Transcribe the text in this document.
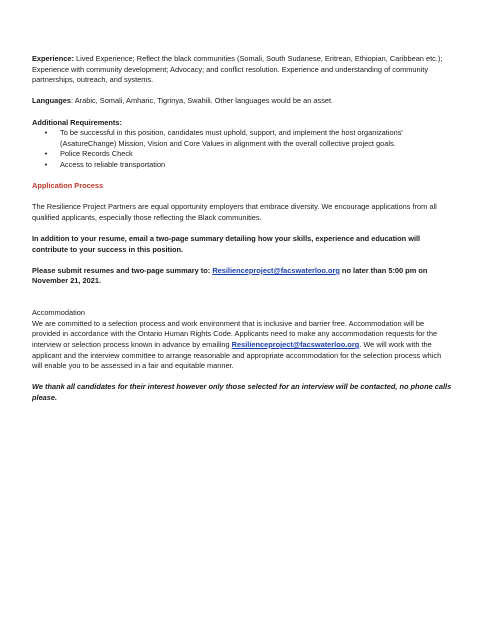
Experience: Lived Experience; Reflect the black communities (Somali, South Sudanese, Eritrean, Ethiopian, Caribbean etc.); Experience with community development; Advocacy; and conflict resolution. Experience and understanding of community partnerships, outreach, and systems.

Languages: Arabic, Somali, Amharic, Tigrinya, Swahili. Other languages would be an asset.

Additional Requirements:

•	To be successful in this position, candidates must uphold, support, and implement the host organizations' (AsatureChange) Mission, Vision and Core Values in alignment with the overall collective project goals.
•	Police Records Check
•	Access to reliable transportation

Application Process

The Resilience Project Partners are equal opportunity employers that embrace diversity. We encourage applications from all qualified applicants, especially those reflecting the Black communities.

In addition to your resume, email a two-page summary detailing how your skills, experience and education will contribute to your success in this position.

Please submit resumes and two-page summary to: Resilienceproject@facswaterloo.org no later than 5:00 pm on November 21, 2021.

Accommodation

We are committed to a selection process and work environment that is inclusive and barrier free. Accommodation will be provided in accordance with the Ontario Human Rights Code. Applicants need to make any accommodation requests for the interview or selection process known in advance by emailing Resilienceproject@facswaterloo.org. We will work with the applicant and the interview committee to arrange reasonable and appropriate accommodation for the selection process which will enable you to be assessed in a fair and equitable manner.

We thank all candidates for their interest however only those selected for an interview will be contacted, no phone calls please.
